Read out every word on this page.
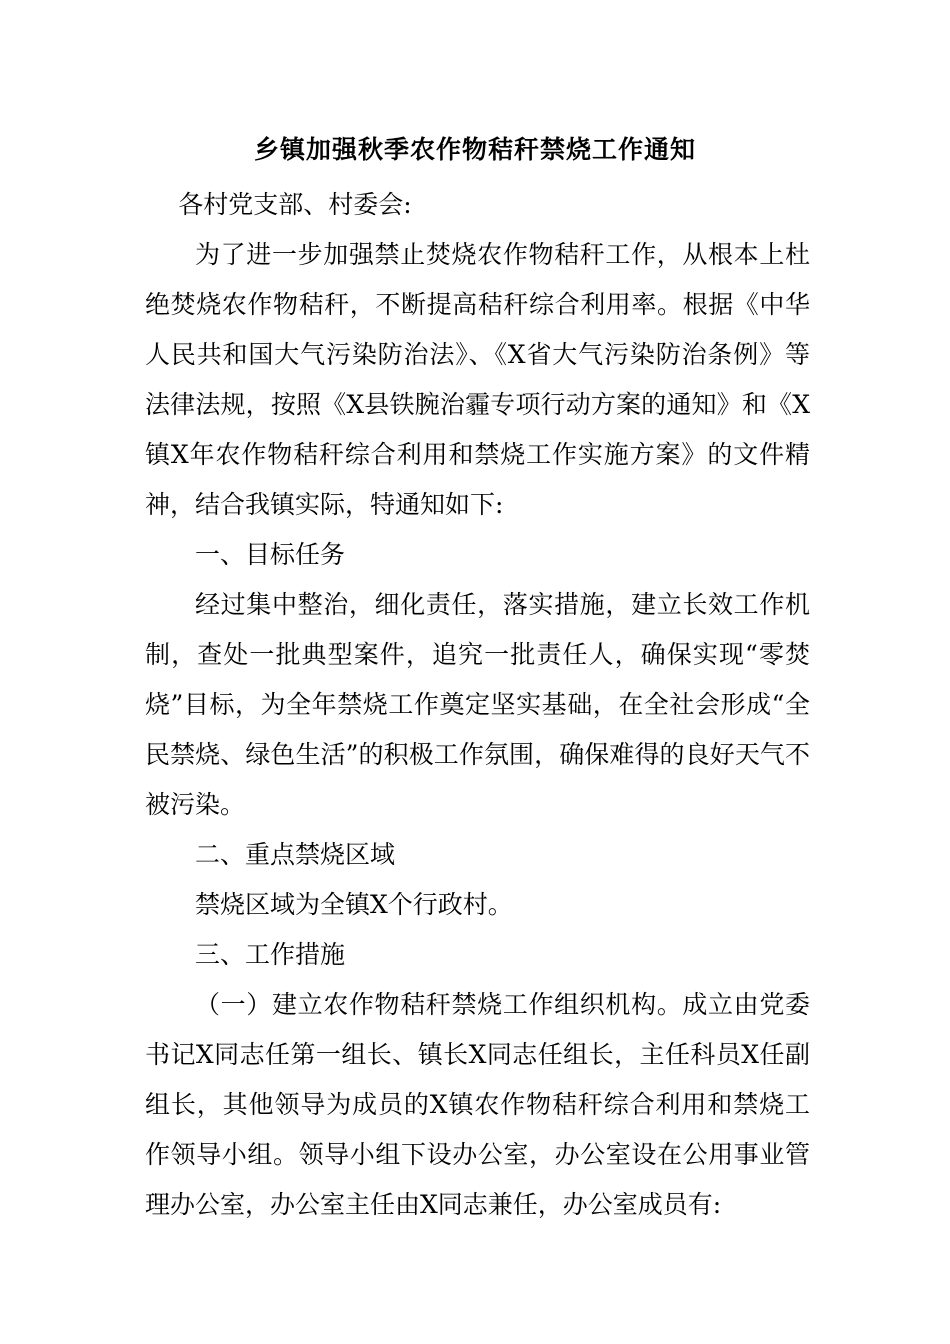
乡镇加强秋季农作物秸秆禁烧工作通知

各村党支部、村委会:

为了进一步加强禁止焚烧农作物秸秆工作，从根本上杜绝焚烧农作物秸秆，不断提高秸秆综合利用率。根据《中华人民共和国大气污染防治法》、《X省大气污染防治条例》等法律法规，按照《X县铁腕治霾专项行动方案的通知》和《X镇X年农作物秸秆综合利用和禁烧工作实施方案》的文件精神，结合我镇实际，特通知如下:

一、目标任务

经过集中整治，细化责任，落实措施，建立长效工作机制，查处一批典型案件，追究一批责任人，确保实现“零焚烧”目标，为全年禁烧工作奠定坚实基础，在全社会形成“全民禁烧、绿色生活”的积极工作氛围，确保难得的良好天气不被污染。

二、重点禁烧区域

禁烧区域为全镇X个行政村。

三、工作措施

（一）建立农作物秸秆禁烧工作组织机构。成立由党委书记X同志任第一组长、镇长X同志任组长，主任科员X任副组长，其他领导为成员的X镇农作物秸秆综合利用和禁烧工作领导小组。领导小组下设办公室，办公室设在公用事业管理办公室，办公室主任由X同志兼任，办公室成员有:
